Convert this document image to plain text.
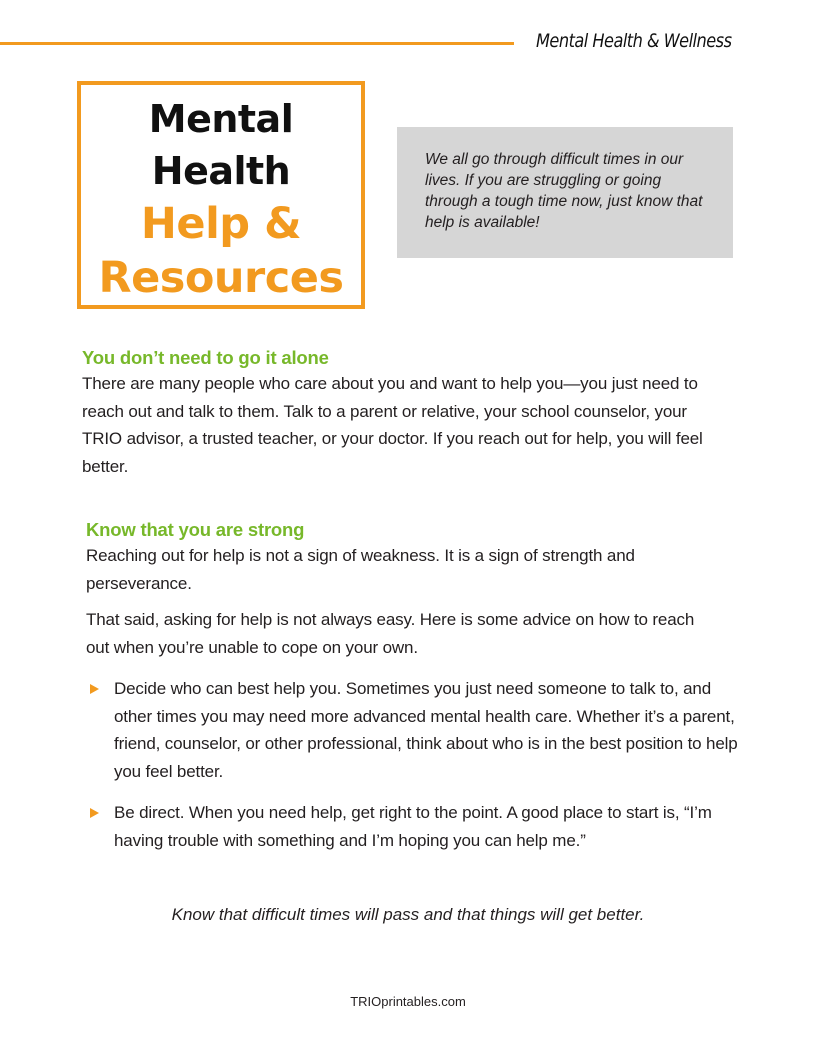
Mental Health & Wellness
Mental
Health
Help &
Resources

We all go through difficult times in our lives. If you are struggling or going through a tough time now, just know that help is available!

You don’t need to go it alone

There are many people who care about you and want to help you—you just need to reach out and talk to them. Talk to a parent or relative, your school counselor, your TRIO advisor, a trusted teacher, or your doctor. If you reach out for help, you will feel better.

Know that you are strong

Reaching out for help is not a sign of weakness. It is a sign of strength and perseverance.

That said, asking for help is not always easy. Here is some advice on how to reach out when you’re unable to cope on your own.

Decide who can best help you. Sometimes you just need someone to talk to, and other times you may need more advanced mental health care. Whether it’s a parent, friend, counselor, or other professional, think about who is in the best position to help you feel better.
Be direct. When you need help, get right to the point. A good place to start is, “I’m having trouble with something and I’m hoping you can help me.”
Know that difficult times will pass and that things will get better.
TRIOprintables.com
